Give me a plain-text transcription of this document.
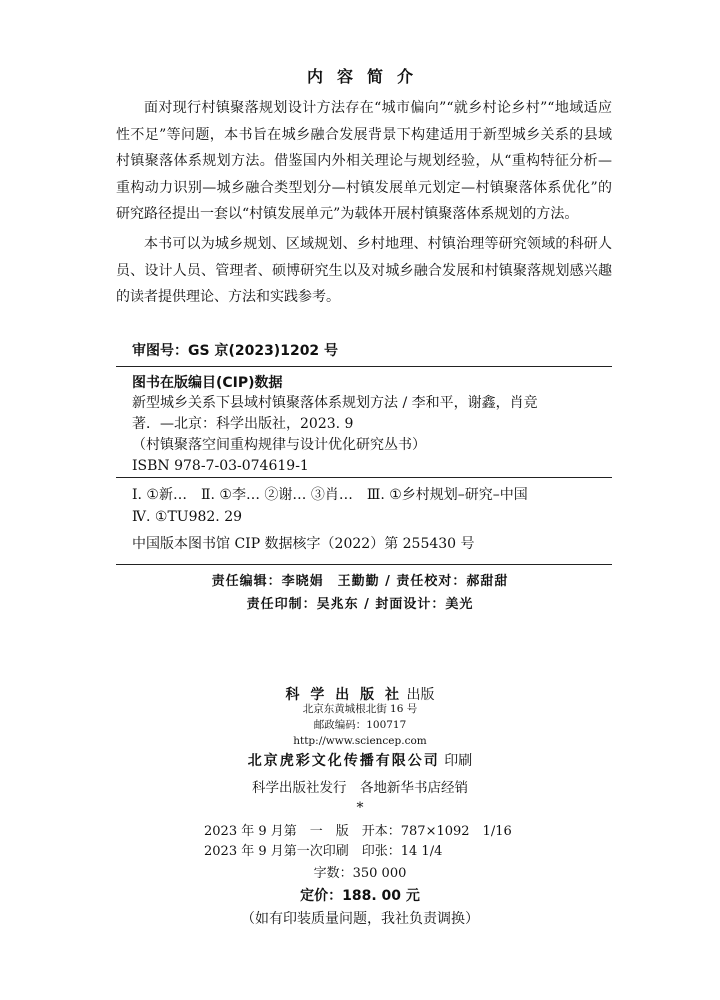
内容简介
面对现行村镇聚落规划设计方法存在“城市偏向”“就乡村论乡村”“地域适应性不足”等问题，本书旨在城乡融合发展背景下构建适用于新型城乡关系的县域村镇聚落体系规划方法。借鉴国内外相关理论与规划经验，从“重构特征分析—重构动力识别—城乡融合类型划分—村镇发展单元划定—村镇聚落体系优化”的研究路径提出一套以“村镇发展单元”为载体开展村镇聚落体系规划的方法。
本书可以为城乡规划、区域规划、乡村地理、村镇治理等研究领域的科研人员、设计人员、管理者、硕博研究生以及对城乡融合发展和村镇聚落规划感兴趣的读者提供理论、方法和实践参考。
审图号：GS 京(2023)1202 号
图书在版编目(CIP)数据
新型城乡关系下县域村镇聚落体系规划方法 / 李和平，谢鑫，肖竞
著．—北京：科学出版社，2023. 9
（村镇聚落空间重构规律与设计优化研究丛书）
ISBN 978-7-03-074619-1
Ⅰ. ①新…　Ⅱ. ①李… ②谢… ③肖…　Ⅲ. ①乡村规划–研究–中国
Ⅳ. ①TU982. 29
中国版本图书馆 CIP 数据核字（2022）第 255430 号
责任编辑：李晓娟　王勤勤 / 责任校对：郝甜甜
责任印制：吴兆东 / 封面设计：美光
科 学 出 版 社 出版
北京东黄城根北街 16 号
邮政编码：100717
http://www.sciencep.com
北京虎彩文化传播有限公司 印刷
科学出版社发行　各地新华书店经销
*
2023 年 9 月第　一　版　开本：787×1092　1/16
2023 年 9 月第一次印刷　印张：14 1/4
字数：350 000
定价：188. 00 元
（如有印装质量问题，我社负责调换）
